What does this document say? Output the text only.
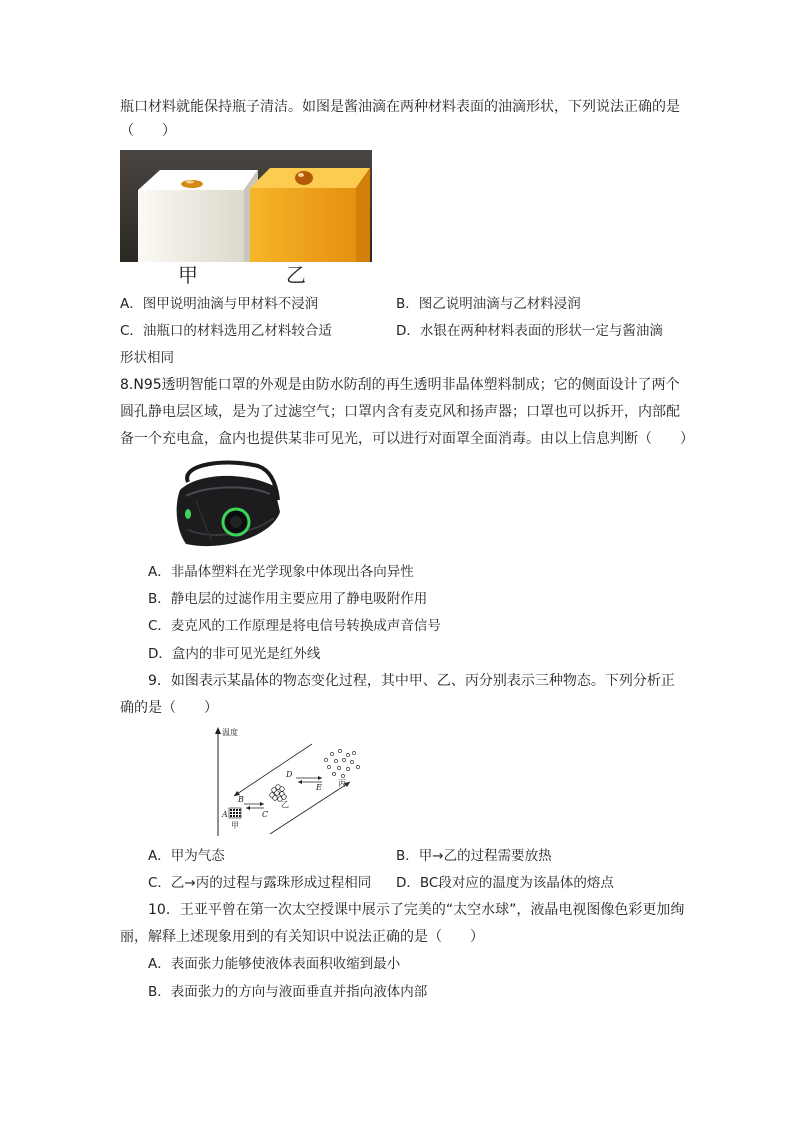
瓶口材料就能保持瓶子清洁。如图是酱油滴在两种材料表面的油滴形状，下列说法正确的是
（　　）
甲	乙
A．图甲说明油滴与甲材料不浸润	B．图乙说明油滴与乙材料浸润
C．油瓶口的材料选用乙材料较合适	D．水银在两种材料表面的形状一定与酱油滴
形状相同
8.N95透明智能口罩的外观是由防水防刮的再生透明非晶体塑料制成；它的侧面设计了两个
圆孔静电层区域，是为了过滤空气；口罩内含有麦克风和扬声器；口罩也可以拆开，内部配
备一个充电盒，盒内也提供某非可见光，可以进行对面罩全面消毒。由以上信息判断（　　）
A．非晶体塑料在光学现象中体现出各向异性
B．静电层的过滤作用主要应用了静电吸附作用
C．麦克风的工作原理是将电信号转换成声音信号
D．盒内的非可见光是红外线
9．如图表示某晶体的物态变化过程，其中甲、乙、丙分别表示三种物态。下列分析正
确的是（　　）
温度
A
甲
B
C
乙
D
E 丙
A．甲为气态	B．甲→乙的过程需要放热
C．乙→丙的过程与露珠形成过程相同 D．BC段对应的温度为该晶体的熔点
10．王亚平曾在第一次太空授课中展示了完美的“太空水球”，液晶电视图像色彩更加绚
丽，解释上述现象用到的有关知识中说法正确的是（　　）
A．表面张力能够使液体表面积收缩到最小
B．表面张力的方向与液面垂直并指向液体内部
